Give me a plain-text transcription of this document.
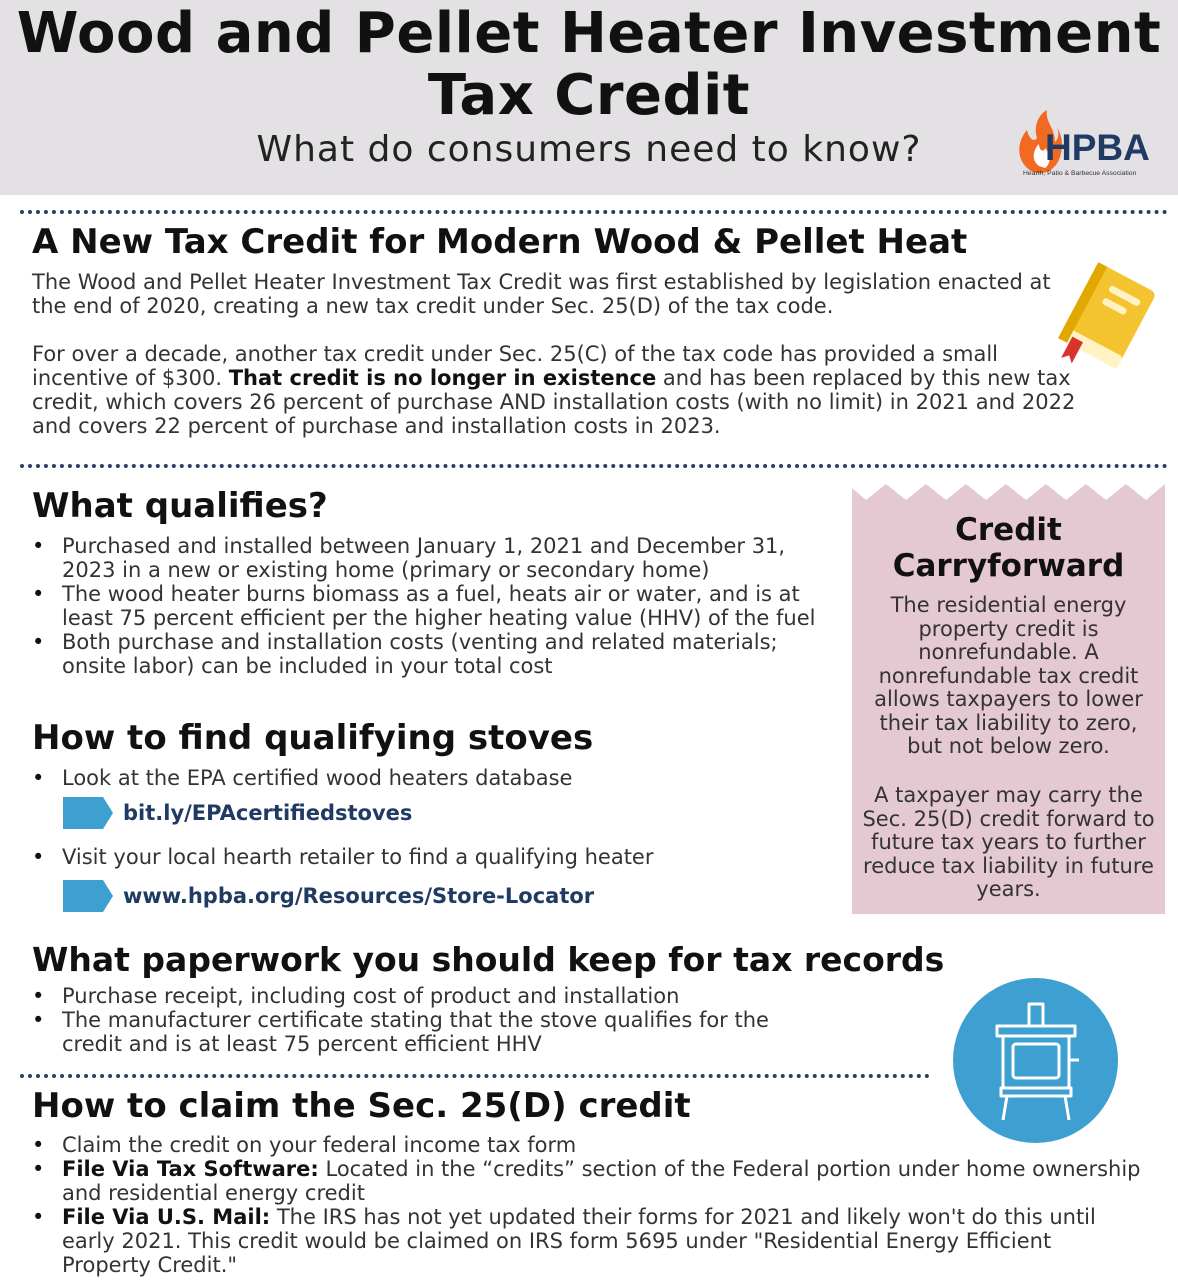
Wood and Pellet Heater Investment
Tax Credit
What do consumers need to know?	HPBA
Hearth, Patio & Barbecue Association
A New Tax Credit for Modern Wood & Pellet Heat

The Wood and Pellet Heater Investment Tax Credit was first established by legislation enacted at the end of 2020, creating a new tax credit under Sec. 25(D) of the tax code.

For over a decade, another tax credit under Sec. 25(C) of the tax code has provided a small incentive of $300. That credit is no longer in existence and has been replaced by this new tax credit, which covers 26 percent of purchase AND installation costs (with no limit) in 2021 and 2022 and covers 22 percent of purchase and installation costs in 2023.

What qualifies?
• Purchased and installed between January 1, 2021 and December 31, 2023 in a new or existing home (primary or secondary home)
• The wood heater burns biomass as a fuel, heats air or water, and is at least 75 percent efficient per the higher heating value (HHV) of the fuel
• Both purchase and installation costs (venting and related materials; onsite labor) can be included in your total cost
How to find qualifying stoves
• Look at the EPA certified wood heaters database
bit.ly/EPAcertifiedstoves
• Visit your local hearth retailer to find a qualifying heater
www.hpba.org/Resources/Store-Locator
Credit
Carryforward
The residential energy property credit is nonrefundable. A nonrefundable tax credit allows taxpayers to lower their tax liability to zero, but not below zero.
A taxpayer may carry the Sec. 25(D) credit forward to future tax years to further reduce tax liability in future years.
What paperwork you should keep for tax records
• Purchase receipt, including cost of product and installation
• The manufacturer certificate stating that the stove qualifies for the credit and is at least 75 percent efficient HHV
How to claim the Sec. 25(D) credit
• Claim the credit on your federal income tax form
• File Via Tax Software: Located in the “credits” section of the Federal portion under home ownership and residential energy credit
• File Via U.S. Mail: The IRS has not yet updated their forms for 2021 and likely won't do this until early 2021. This credit would be claimed on IRS form 5695 under "Residential Energy Efficient Property Credit."
